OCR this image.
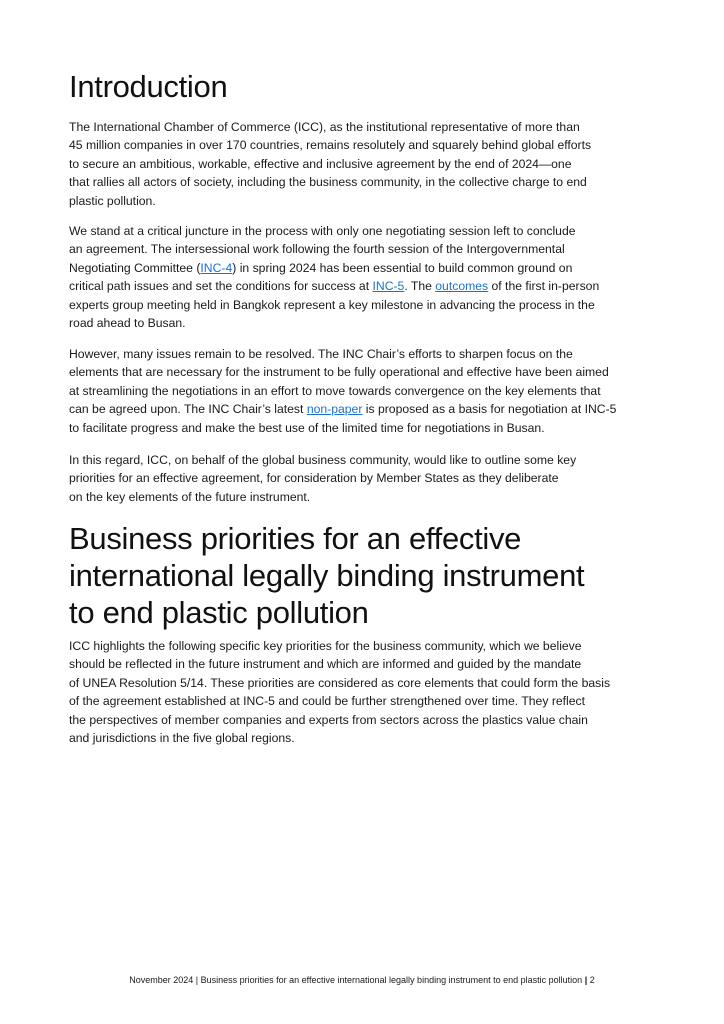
Introduction

The International Chamber of Commerce (ICC), as the institutional representative of more than
45 million companies in over 170 countries, remains resolutely and squarely behind global efforts
to secure an ambitious, workable, effective and inclusive agreement by the end of 2024—one
that rallies all actors of society, including the business community, in the collective charge to end
plastic pollution.

We stand at a critical juncture in the process with only one negotiating session left to conclude
an agreement. The intersessional work following the fourth session of the Intergovernmental
Negotiating Committee (INC-4) in spring 2024 has been essential to build common ground on
critical path issues and set the conditions for success at INC-5. The outcomes of the first in-person
experts group meeting held in Bangkok represent a key milestone in advancing the process in the
road ahead to Busan.

However, many issues remain to be resolved. The INC Chair’s efforts to sharpen focus on the
elements that are necessary for the instrument to be fully operational and effective have been aimed
at streamlining the negotiations in an effort to move towards convergence on the key elements that
can be agreed upon. The INC Chair’s latest non-paper is proposed as a basis for negotiation at INC-5
to facilitate progress and make the best use of the limited time for negotiations in Busan.

In this regard, ICC, on behalf of the global business community, would like to outline some key
priorities for an effective agreement, for consideration by Member States as they deliberate
on the key elements of the future instrument.

Business priorities for an effective
international legally binding instrument
to end plastic pollution

ICC highlights the following specific key priorities for the business community, which we believe
should be reflected in the future instrument and which are informed and guided by the mandate
of UNEA Resolution 5/14. These priorities are considered as core elements that could form the basis
of the agreement established at INC-5 and could be further strengthened over time. They reflect
the perspectives of member companies and experts from sectors across the plastics value chain
and jurisdictions in the five global regions.

November 2024 | Business priorities for an effective international legally binding instrument to end plastic pollution | 2
